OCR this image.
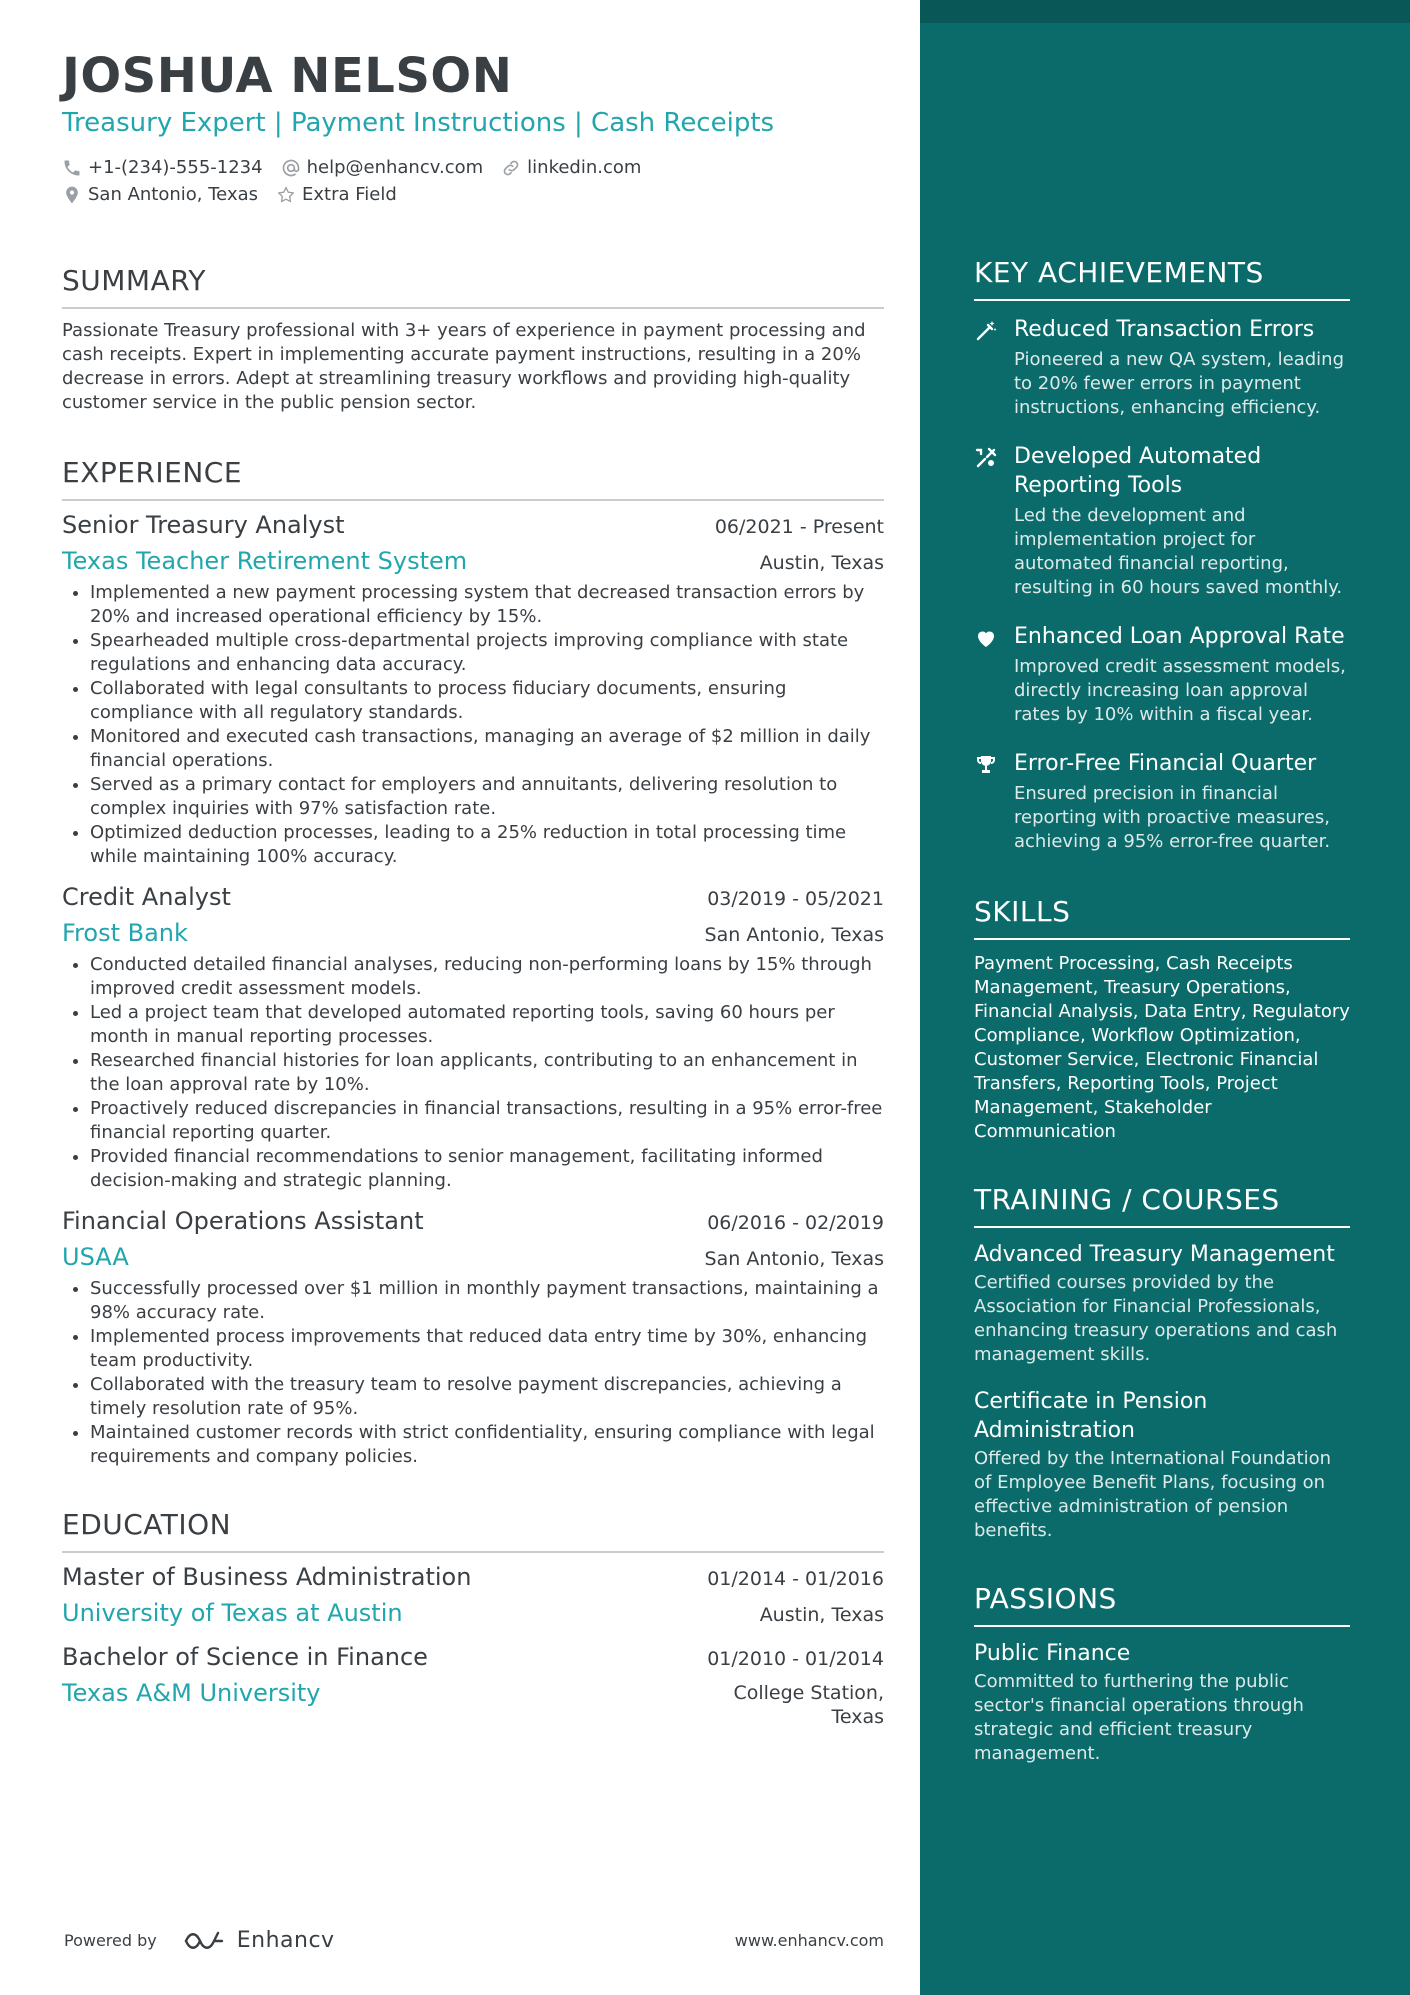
JOSHUA NELSON
Treasury Expert | Payment Instructions | Cash Receipts
+1-(234)-555-1234 help@enhancv.com linkedin.com
San Antonio, Texas Extra Field
SUMMARY
Passionate Treasury professional with 3+ years of experience in payment processing and cash receipts. Expert in implementing accurate payment instructions, resulting in a 20% decrease in errors. Adept at streamlining treasury workflows and providing high-quality customer service in the public pension sector.
EXPERIENCE
Senior Treasury Analyst	06/2021 - Present
Texas Teacher Retirement System	Austin, Texas
• Implemented a new payment processing system that decreased transaction errors by 20% and increased operational efficiency by 15%.
• Spearheaded multiple cross-departmental projects improving compliance with state regulations and enhancing data accuracy.
• Collaborated with legal consultants to process fiduciary documents, ensuring compliance with all regulatory standards.
• Monitored and executed cash transactions, managing an average of $2 million in daily financial operations.
• Served as a primary contact for employers and annuitants, delivering resolution to complex inquiries with 97% satisfaction rate.
• Optimized deduction processes, leading to a 25% reduction in total processing time while maintaining 100% accuracy.
Credit Analyst	03/2019 - 05/2021
Frost Bank	San Antonio, Texas
• Conducted detailed financial analyses, reducing non-performing loans by 15% through improved credit assessment models.
• Led a project team that developed automated reporting tools, saving 60 hours per month in manual reporting processes.
• Researched financial histories for loan applicants, contributing to an enhancement in the loan approval rate by 10%.
• Proactively reduced discrepancies in financial transactions, resulting in a 95% error-free financial reporting quarter.
• Provided financial recommendations to senior management, facilitating informed decision-making and strategic planning.
Financial Operations Assistant	06/2016 - 02/2019
USAA	San Antonio, Texas
• Successfully processed over $1 million in monthly payment transactions, maintaining a 98% accuracy rate.
• Implemented process improvements that reduced data entry time by 30%, enhancing team productivity.
• Collaborated with the treasury team to resolve payment discrepancies, achieving a timely resolution rate of 95%.
• Maintained customer records with strict confidentiality, ensuring compliance with legal requirements and company policies.
EDUCATION
Master of Business Administration	01/2014 - 01/2016
University of Texas at Austin	Austin, Texas
Bachelor of Science in Finance	01/2010 - 01/2014
Texas A&M University	College Station,
Texas
Powered by	Enhancv	www.enhancv.com
KEY ACHIEVEMENTS
Reduced Transaction Errors
Pioneered a new QA system, leading to 20% fewer errors in payment instructions, enhancing efficiency.
Developed Automated Reporting Tools
Led the development and implementation project for automated financial reporting, resulting in 60 hours saved monthly.
Enhanced Loan Approval Rate
Improved credit assessment models, directly increasing loan approval rates by 10% within a fiscal year.
Error-Free Financial Quarter
Ensured precision in financial reporting with proactive measures, achieving a 95% error-free quarter.
SKILLS
Payment Processing, Cash Receipts Management, Treasury Operations, Financial Analysis, Data Entry, Regulatory Compliance, Workflow Optimization, Customer Service, Electronic Financial Transfers, Reporting Tools, Project Management, Stakeholder Communication
TRAINING / COURSES
Advanced Treasury Management
Certified courses provided by the Association for Financial Professionals, enhancing treasury operations and cash management skills.
Certificate in Pension Administration
Offered by the International Foundation of Employee Benefit Plans, focusing on effective administration of pension benefits.
PASSIONS
Public Finance
Committed to furthering the public sector's financial operations through strategic and efficient treasury management.
